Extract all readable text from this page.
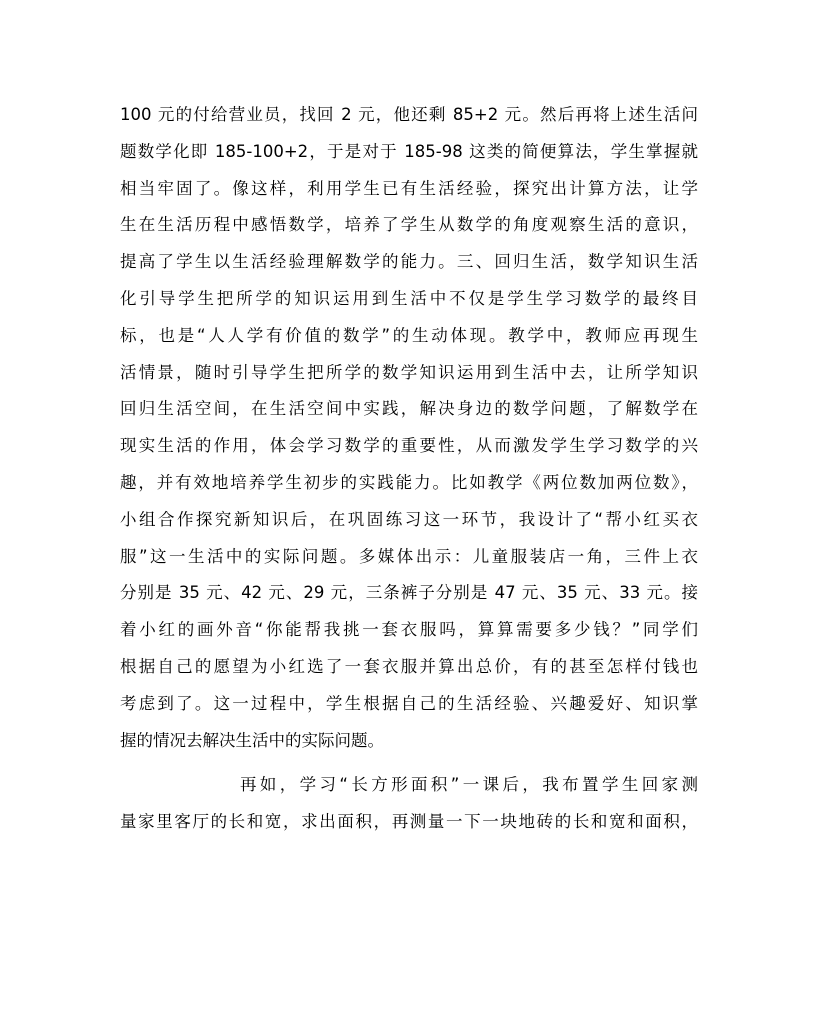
100 元的付给营业员，找回 2 元，他还剩 85+2 元。然后再将上述生活问
题数学化即 185-100+2，于是对于 185-98 这类的简便算法，学生掌握就
相当牢固了。像这样，利用学生已有生活经验，探究出计算方法，让学
生在生活历程中感悟数学，培养了学生从数学的角度观察生活的意识，
提高了学生以生活经验理解数学的能力。三、回归生活，数学知识生活
化引导学生把所学的知识运用到生活中不仅是学生学习数学的最终目
标，也是“人人学有价值的数学”的生动体现。教学中，教师应再现生
活情景，随时引导学生把所学的数学知识运用到生活中去，让所学知识
回归生活空间，在生活空间中实践，解决身边的数学问题，了解数学在
现实生活的作用，体会学习数学的重要性，从而激发学生学习数学的兴
趣，并有效地培养学生初步的实践能力。比如教学《两位数加两位数》，
小组合作探究新知识后，在巩固练习这一环节，我设计了“帮小红买衣
服”这一生活中的实际问题。多媒体出示：儿童服装店一角，三件上衣
分别是 35 元、42 元、29 元，三条裤子分别是 47 元、35 元、33 元。接
着小红的画外音“你能帮我挑一套衣服吗，算算需要多少钱？”同学们
根据自己的愿望为小红选了一套衣服并算出总价，有的甚至怎样付钱也
考虑到了。这一过程中，学生根据自己的生活经验、兴趣爱好、知识掌
握的情况去解决生活中的实际问题。
再如，学习“长方形面积”一课后，我布置学生回家测
量家里客厅的长和宽，求出面积，再测量一下一块地砖的长和宽和面积，
